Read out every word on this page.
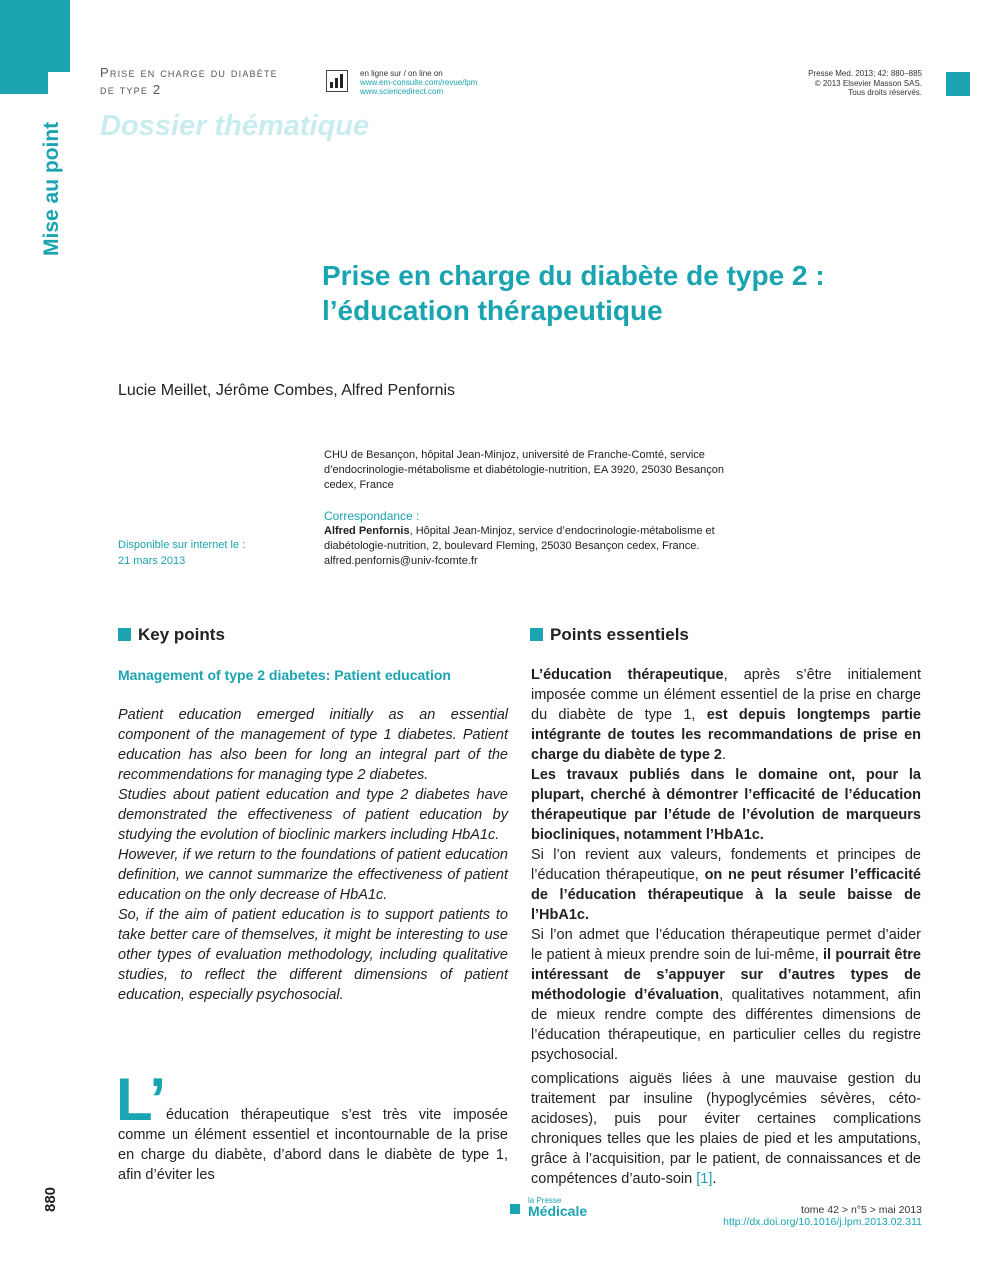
Prise en charge du diabète
de type 2
en ligne sur / on line on
www.em-consulte.com/revue/lpm
www.sciencedirect.com
Presse Med. 2013; 42: 880–885
© 2013 Elsevier Masson SAS.
Tous droits réservés.
Dossier thématique
Mise au point
Prise en charge du diabète de type 2 :
l’éducation thérapeutique
Lucie Meillet, Jérôme Combes, Alfred Penfornis
CHU de Besançon, hôpital Jean-Minjoz, université de Franche-Comté, service d’endocrinologie-métabolisme et diabétologie-nutrition, EA 3920, 25030 Besançon cedex, France
Correspondance :
Alfred Penfornis, Hôpital Jean-Minjoz, service d’endocrinologie-métabolisme et diabétologie-nutrition, 2, boulevard Fleming, 25030 Besançon cedex, France.
alfred.penfornis@univ-fcomte.fr
Disponible sur internet le :
21 mars 2013
Key points	Points essentiels
Management of type 2 diabetes: Patient education

Patient education emerged initially as an essential component of the management of type 1 diabetes. Patient education has also been for long an integral part of the recommendations for managing type 2 diabetes.

Studies about patient education and type 2 diabetes have demonstrated the effectiveness of patient education by studying the evolution of bioclinic markers including HbA1c.

However, if we return to the foundations of patient education definition, we cannot summarize the effectiveness of patient education on the only decrease of HbA1c.

So, if the aim of patient education is to support patients to take better care of themselves, it might be interesting to use other types of evaluation methodology, including qualitative studies, to reflect the different dimensions of patient education, especially psychosocial.

L’éducation thérapeutique, après s’être initialement imposée comme un élément essentiel de la prise en charge du diabète de type 1, est depuis longtemps partie intégrante de toutes les recommandations de prise en charge du diabète de type 2.

Les travaux publiés dans le domaine ont, pour la plupart, cherché à démontrer l’efficacité de l’éducation thérapeutique par l’étude de l’évolution de marqueurs biocliniques, notamment l’HbA1c.

Si l’on revient aux valeurs, fondements et principes de l’éducation thérapeutique, on ne peut résumer l’efficacité de l’éducation thérapeutique à la seule baisse de l’HbA1c.

Si l’on admet que l’éducation thérapeutique permet d’aider le patient à mieux prendre soin de lui-même, il pourrait être intéressant de s’appuyer sur d’autres types de méthodologie d’évaluation, qualitatives notamment, afin de mieux rendre compte des différentes dimensions de l’éducation thérapeutique, en particulier celles du registre psychosocial.

L’ éducation thérapeutique s’est très vite imposée comme un élément essentiel et incontournable de la prise en charge du diabète, d’abord dans le diabète de type 1, afin d’éviter les
complications aiguës liées à une mauvaise gestion du traitement par insuline (hypoglycémies sévères, céto-acidoses), puis pour éviter certaines complications chroniques telles que les plaies de pied et les amputations, grâce à l’acquisition, par le patient, de connaissances et de compétences d’auto-soin [1].
880	la Presse
Médicale	tome 42 > n°5 > mai 2013
http://dx.doi.org/10.1016/j.lpm.2013.02.311
